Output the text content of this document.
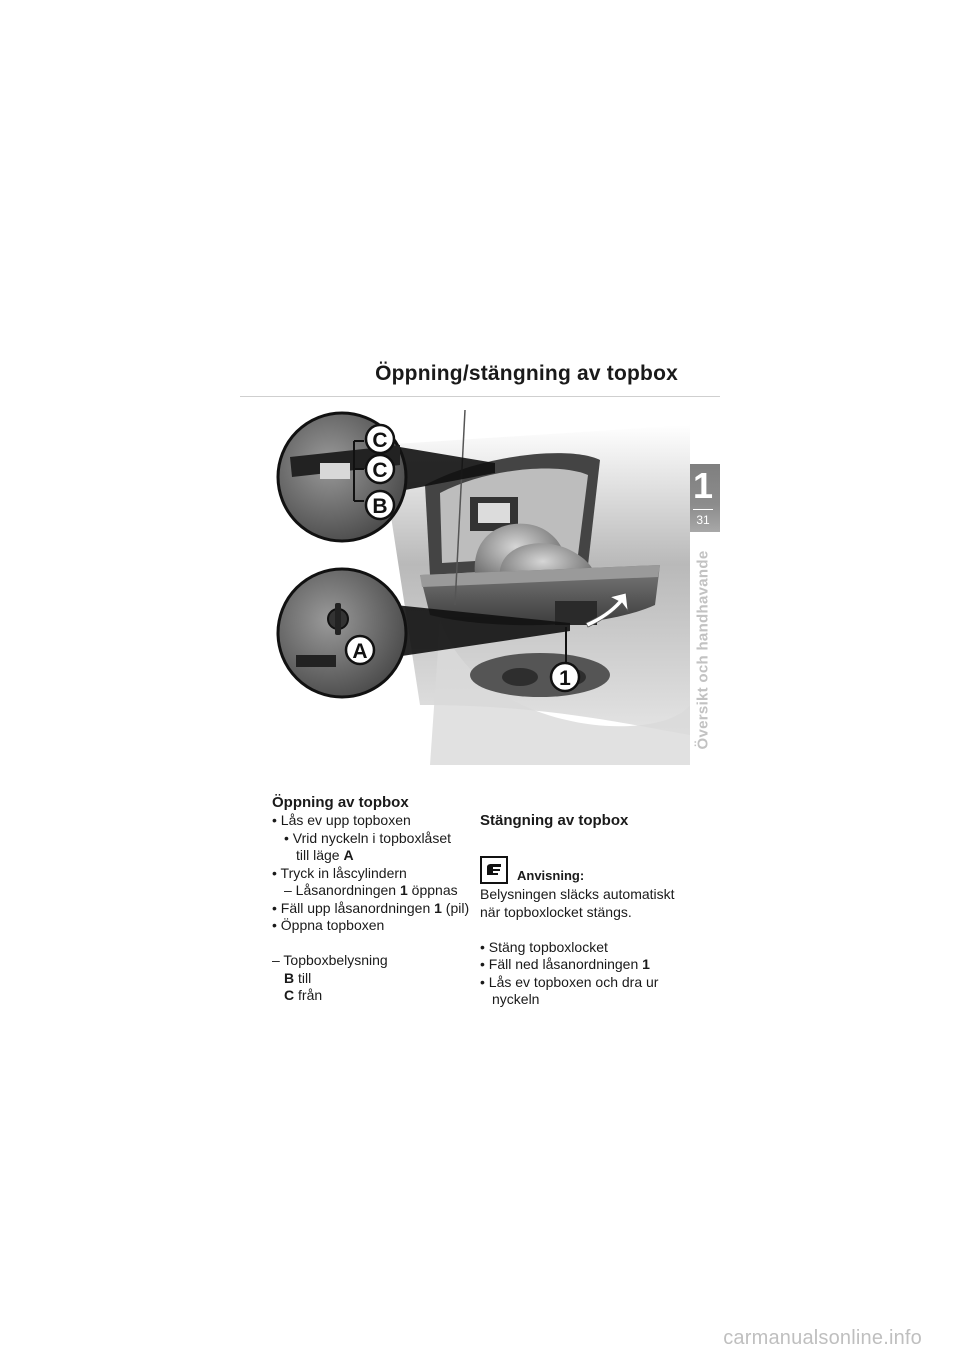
Öppning/stängning av topbox
1
31
Översikt och handhavande
C
C
B
A
1
Öppning av topbox
• Lås ev upp topboxen
• Vrid nyckeln i topboxlåset
till läge A
• Tryck in låscylindern
– Låsanordningen 1 öppnas
• Fäll upp låsanordningen 1 (pil)
• Öppna topboxen
– Topboxbelysning
B till
C från
Stängning av topbox
Anvisning:
Belysningen släcks automatiskt
när topboxlocket stängs.
• Stäng topboxlocket
• Fäll ned låsanordningen 1
• Lås ev topboxen och dra ur
nyckeln
carmanualsonline.info
